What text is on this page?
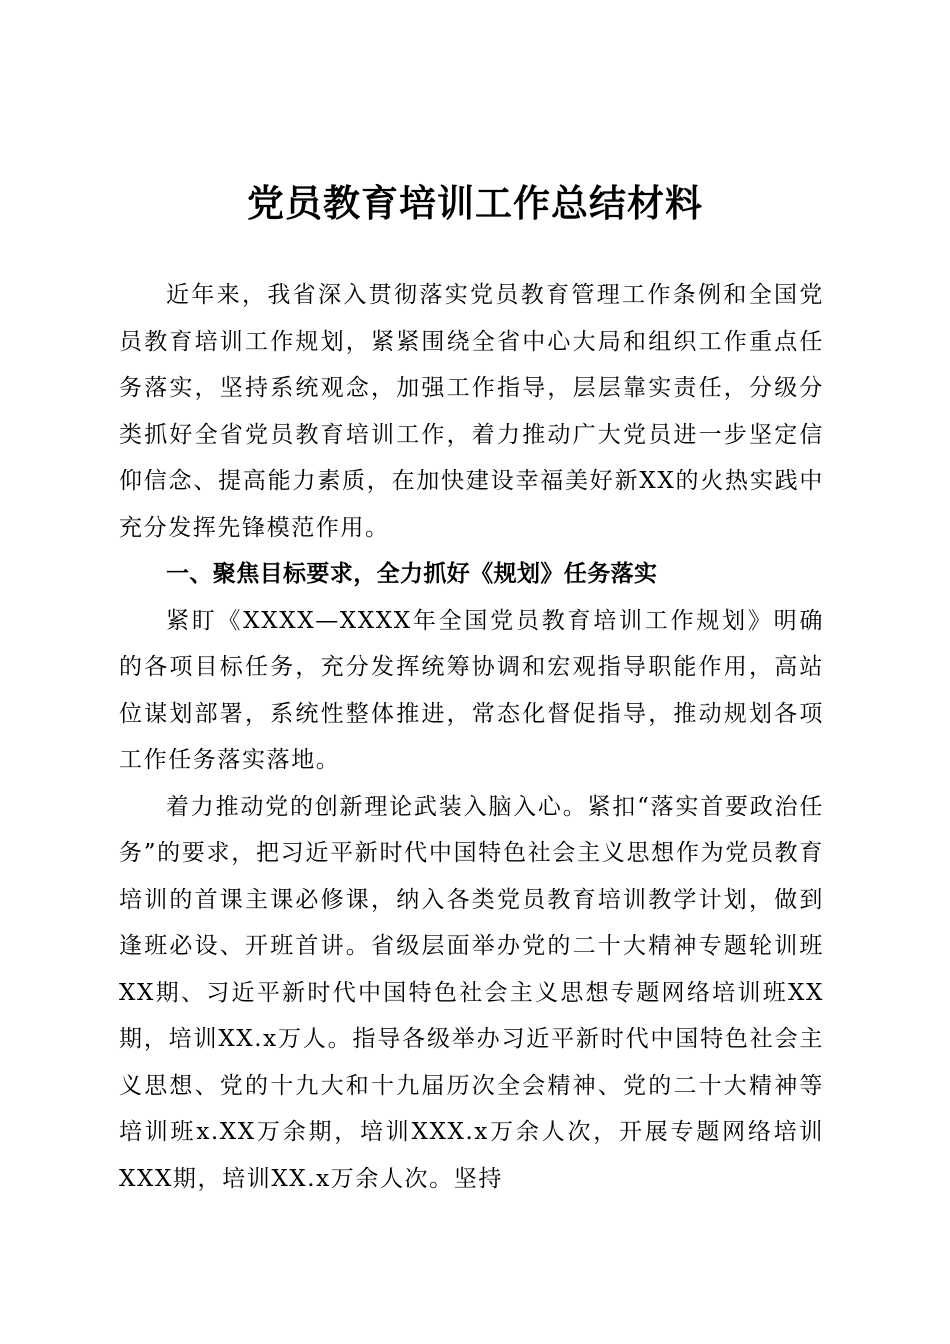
党员教育培训工作总结材料

近年来，我省深入贯彻落实党员教育管理工作条例和全国党员教育培训工作规划，紧紧围绕全省中心大局和组织工作重点任务落实，坚持系统观念，加强工作指导，层层靠实责任，分级分类抓好全省党员教育培训工作，着力推动广大党员进一步坚定信仰信念、提高能力素质，在加快建设幸福美好新XX的火热实践中充分发挥先锋模范作用。

一、聚焦目标要求，全力抓好《规划》任务落实

紧盯《XXXX—XXXX年全国党员教育培训工作规划》明确的各项目标任务，充分发挥统筹协调和宏观指导职能作用，高站位谋划部署，系统性整体推进，常态化督促指导，推动规划各项工作任务落实落地。

着力推动党的创新理论武装入脑入心。紧扣“落实首要政治任务”的要求，把习近平新时代中国特色社会主义思想作为党员教育培训的首课主课必修课，纳入各类党员教育培训教学计划，做到逢班必设、开班首讲。省级层面举办党的二十大精神专题轮训班XX期、习近平新时代中国特色社会主义思想专题网络培训班XX期，培训XX.x万人。指导各级举办习近平新时代中国特色社会主义思想、党的十九大和十九届历次全会精神、党的二十大精神等培训班x.XX万余期，培训XXX.x万余人次，开展专题网络培训XXX期，培训XX.x万余人次。坚持
